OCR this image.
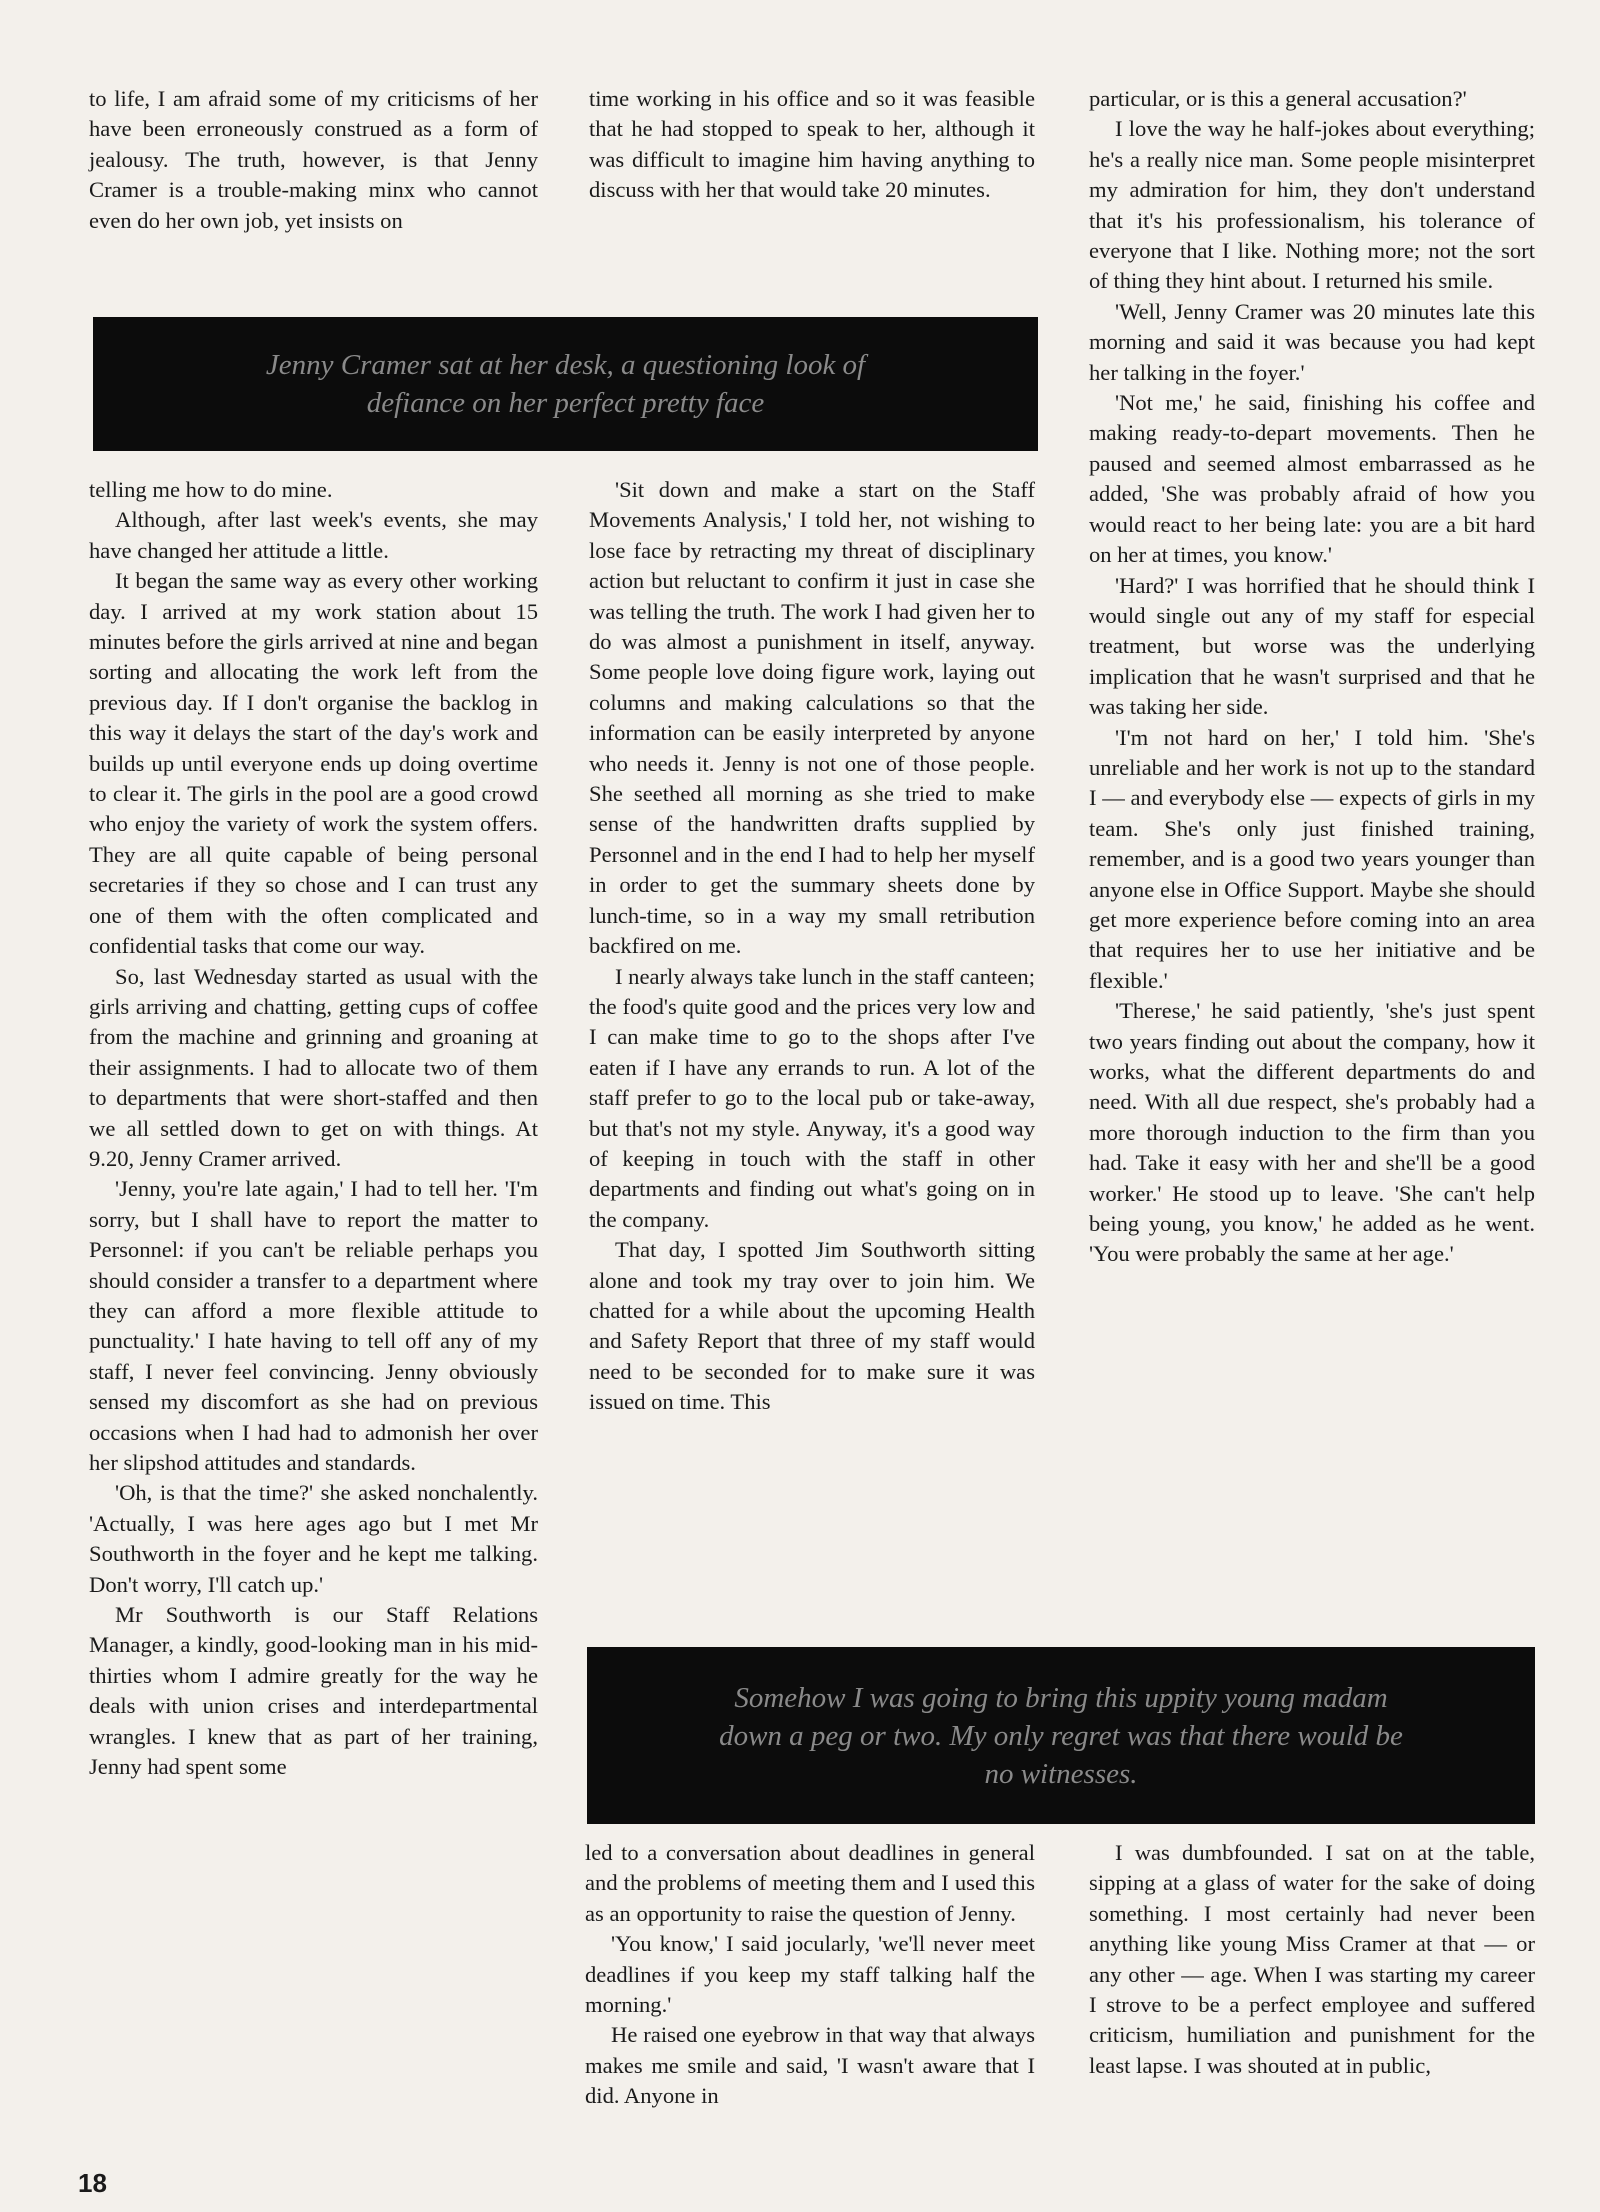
to life, I am afraid some of my criticisms of her have been erroneously construed as a form of jealousy. The truth, however, is that Jenny Cramer is a trouble-making minx who cannot even do her own job, yet insists on

time working in his office and so it was feasible that he had stopped to speak to her, although it was difficult to imagine him having anything to discuss with her that would take 20 minutes.

Jenny Cramer sat at her desk, a questioning look of
defiance on her perfect pretty face

telling me how to do mine.

Although, after last week's events, she may have changed her attitude a little.

It began the same way as every other working day. I arrived at my work station about 15 minutes before the girls arrived at nine and began sorting and allocating the work left from the previous day. If I don't organise the backlog in this way it delays the start of the day's work and builds up until everyone ends up doing overtime to clear it. The girls in the pool are a good crowd who enjoy the variety of work the system offers. They are all quite capable of being personal secretaries if they so chose and I can trust any one of them with the often complicated and confidential tasks that come our way.

So, last Wednesday started as usual with the girls arriving and chatting, getting cups of coffee from the machine and grinning and groaning at their assignments. I had to allocate two of them to departments that were short-staffed and then we all settled down to get on with things. At 9.20, Jenny Cramer arrived.

'Jenny, you're late again,' I had to tell her. 'I'm sorry, but I shall have to report the matter to Personnel: if you can't be reliable perhaps you should consider a transfer to a department where they can afford a more flexible attitude to punctuality.' I hate having to tell off any of my staff, I never feel convincing. Jenny obviously sensed my discomfort as she had on previous occasions when I had had to admonish her over her slipshod attitudes and standards.

'Oh, is that the time?' she asked nonchalently. 'Actually, I was here ages ago but I met Mr Southworth in the foyer and he kept me talking. Don't worry, I'll catch up.'

Mr Southworth is our Staff Relations Manager, a kindly, good-looking man in his mid-thirties whom I admire greatly for the way he deals with union crises and interdepartmental wrangles. I knew that as part of her training, Jenny had spent some

'Sit down and make a start on the Staff Movements Analysis,' I told her, not wishing to lose face by retracting my threat of disciplinary action but reluctant to confirm it just in case she was telling the truth. The work I had given her to do was almost a punishment in itself, anyway. Some people love doing figure work, laying out columns and making calculations so that the information can be easily interpreted by anyone who needs it. Jenny is not one of those people. She seethed all morning as she tried to make sense of the handwritten drafts supplied by Personnel and in the end I had to help her myself in order to get the summary sheets done by lunch-time, so in a way my small retribution backfired on me.

I nearly always take lunch in the staff canteen; the food's quite good and the prices very low and I can make time to go to the shops after I've eaten if I have any errands to run. A lot of the staff prefer to go to the local pub or take-away, but that's not my style. Anyway, it's a good way of keeping in touch with the staff in other departments and finding out what's going on in the company.

That day, I spotted Jim Southworth sitting alone and took my tray over to join him. We chatted for a while about the upcoming Health and Safety Report that three of my staff would need to be seconded for to make sure it was issued on time. This

particular, or is this a general accusation?'

I love the way he half-jokes about everything; he's a really nice man. Some people misinterpret my admiration for him, they don't understand that it's his professionalism, his tolerance of everyone that I like. Nothing more; not the sort of thing they hint about. I returned his smile.

'Well, Jenny Cramer was 20 minutes late this morning and said it was because you had kept her talking in the foyer.'

'Not me,' he said, finishing his coffee and making ready-to-depart movements. Then he paused and seemed almost embarrassed as he added, 'She was probably afraid of how you would react to her being late: you are a bit hard on her at times, you know.'

'Hard?' I was horrified that he should think I would single out any of my staff for especial treatment, but worse was the underlying implication that he wasn't surprised and that he was taking her side.

'I'm not hard on her,' I told him. 'She's unreliable and her work is not up to the standard I — and everybody else — expects of girls in my team. She's only just finished training, remember, and is a good two years younger than anyone else in Office Support. Maybe she should get more experience before coming into an area that requires her to use her initiative and be flexible.'

'Therese,' he said patiently, 'she's just spent two years finding out about the company, how it works, what the different departments do and need. With all due respect, she's probably had a more thorough induction to the firm than you had. Take it easy with her and she'll be a good worker.' He stood up to leave. 'She can't help being young, you know,' he added as he went. 'You were probably the same at her age.'

Somehow I was going to bring this uppity young madam
down a peg or two. My only regret was that there would be
no witnesses.

led to a conversation about deadlines in general and the problems of meeting them and I used this as an opportunity to raise the question of Jenny.

'You know,' I said jocularly, 'we'll never meet deadlines if you keep my staff talking half the morning.'

He raised one eyebrow in that way that always makes me smile and said, 'I wasn't aware that I did. Anyone in

I was dumbfounded. I sat on at the table, sipping at a glass of water for the sake of doing something. I most certainly had never been anything like young Miss Cramer at that — or any other — age. When I was starting my career I strove to be a perfect employee and suffered criticism, humiliation and punishment for the least lapse. I was shouted at in public,

18
